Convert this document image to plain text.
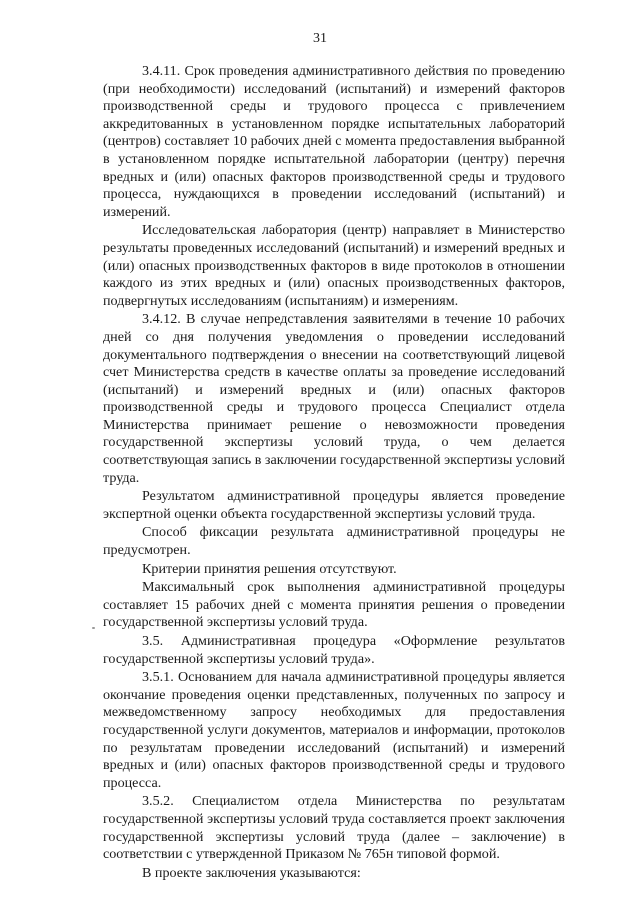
31

3.4.11. Срок проведения административного действия по проведению (при необходимости) исследований (испытаний) и измерений факторов производственной среды и трудового процесса с привлечением аккредитованных в установленном порядке испытательных лабораторий (центров) составляет 10 рабочих дней с момента предоставления выбранной в установленном порядке испытательной лаборатории (центру) перечня вредных и (или) опасных факторов производственной среды и трудового процесса, нуждающихся в проведении исследований (испытаний) и измерений.

Исследовательская лаборатория (центр) направляет в Министерство результаты проведенных исследований (испытаний) и измерений вредных и (или) опасных производственных факторов в виде протоколов в отношении каждого из этих вредных и (или) опасных производственных факторов, подвергнутых исследованиям (испытаниям) и измерениям.

3.4.12. В случае непредставления заявителями в течение 10 рабочих дней со дня получения уведомления о проведении исследований документального подтверждения о внесении на соответствующий лицевой счет Министерства средств в качестве оплаты за проведение исследований (испытаний) и измерений вредных и (или) опасных факторов производственной среды и трудового процесса Специалист отдела Министерства принимает решение о невозможности проведения государственной экспертизы условий труда, о чем делается соответствующая запись в заключении государственной экспертизы условий труда.

Результатом административной процедуры является проведение экспертной оценки объекта государственной экспертизы условий труда.

Способ фиксации результата административной процедуры не предусмотрен.

Критерии принятия решения отсутствуют.

Максимальный срок выполнения административной процедуры составляет 15 рабочих дней с момента принятия решения о проведении государственной экспертизы условий труда.

3.5. Административная процедура «Оформление результатов государственной экспертизы условий труда».

3.5.1. Основанием для начала административной процедуры является окончание проведения оценки представленных, полученных по запросу и межведомственному запросу необходимых для предоставления государственной услуги документов, материалов и информации, протоколов по результатам проведении исследований (испытаний) и измерений вредных и (или) опасных факторов производственной среды и трудового процесса.

3.5.2. Специалистом отдела Министерства по результатам государственной экспертизы условий труда составляется проект заключения государственной экспертизы условий труда (далее – заключение) в соответствии с утвержденной Приказом № 765н типовой формой.

В проекте заключения указываются:
